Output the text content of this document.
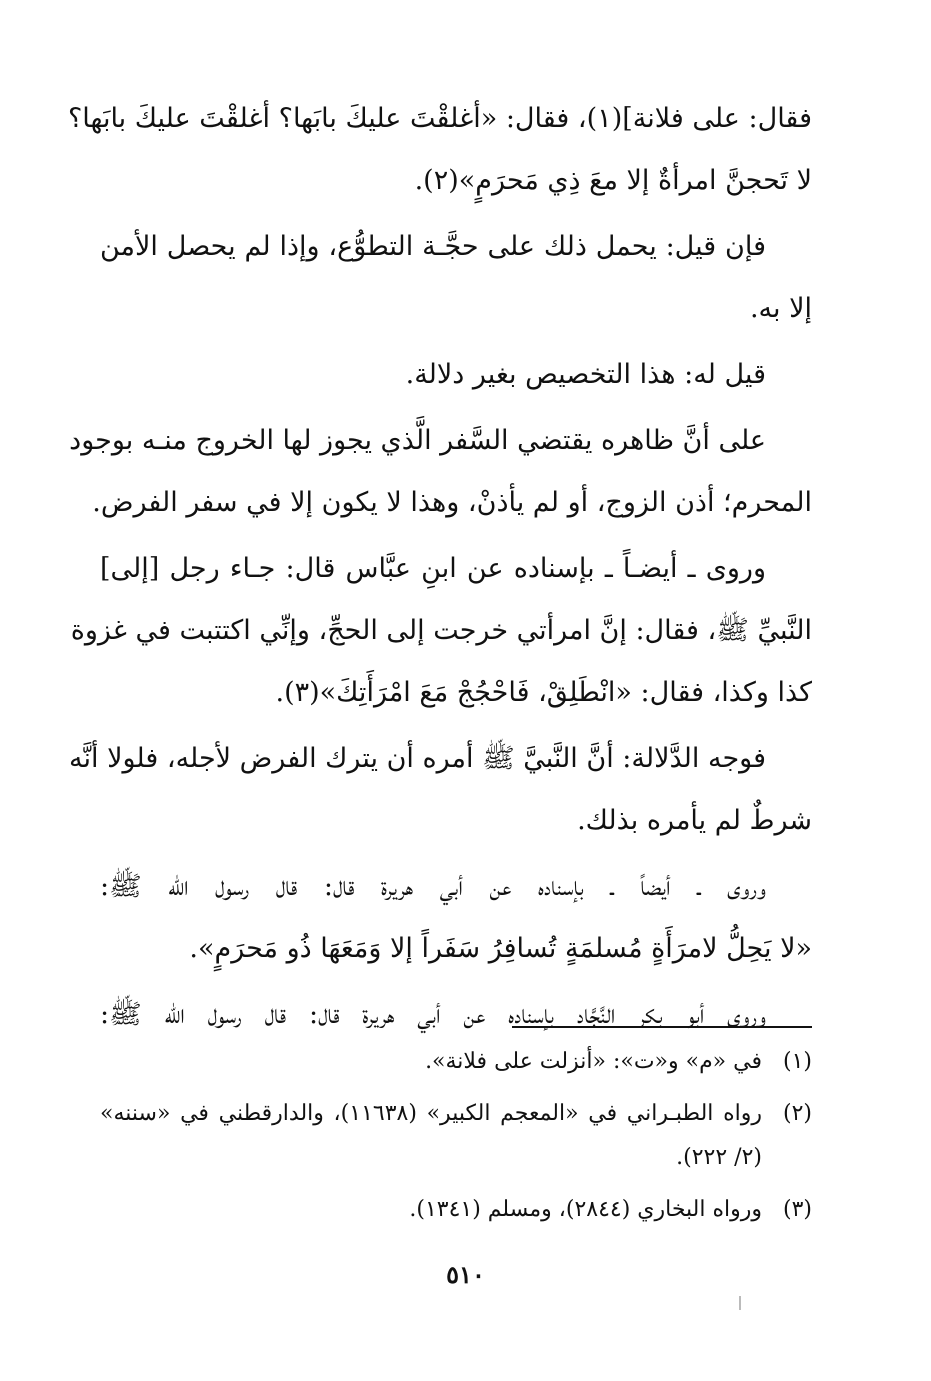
فقال: على فلانة](١)، فقال: «أغلقْتَ عليكَ بابَها؟ أغلقْتَ عليكَ بابَها؟
لا تَحجنَّ امرأةٌ إلا معَ ذِي مَحرَمٍ»(٢).

فإن قيل: يحمل ذلك على حجَّـة التطوُّع، وإذا لم يحصل الأمن
إلا به.

قيل له: هذا التخصيص بغير دلالة.

على أنَّ ظاهره يقتضي السَّفر الَّذي يجوز لها الخروج منـه بوجود
المحرم؛ أذن الزوج، أو لم يأذنْ، وهذا لا يكون إلا في سفر الفرض.

وروى ـ أيضـاً ـ بإسناده عن ابنِ عبَّاس قال: جـاء رجل [إلى]
النَّبيِّ ﷺ، فقال: إنَّ امرأتي خرجت إلى الحجِّ، وإنِّي اكتتبت في غزوة
كذا وكذا، فقال: «انْطَلِقْ، فَاحْجُجْ مَعَ امْرَأَتِكَ»(٣).

فوجه الدَّلالة: أنَّ النَّبيَّ ﷺ أمره أن يترك الفرض لأجله، فلولا أنَّه
شرطٌ لم يأمره بذلك.

وروى ـ أيضاً ـ بإسناده عن أبي هريرة قال: قال رسول الله ﷺ:
«لا يَحِلُّ لامرَأَةٍ مُسلمَةٍ تُسافِرُ سَفَراً إلا وَمَعَهَا ذُو مَحرَمٍ».

وروى أبو بكر النَّجَّاد بإسناده عن أبي هريرة قال: قال رسول الله ﷺ:

(١)
في «م» و«ت»: «أنزلت على فلانة».
(٢)
رواه الطبـراني في «المعجم الكبير» (١١٦٣٨)، والدارقطني في «سننه»
(٢/ ٢٢٢).
(٣)
ورواه البخاري (٢٨٤٤)، ومسلم (١٣٤١).
٥١٠
